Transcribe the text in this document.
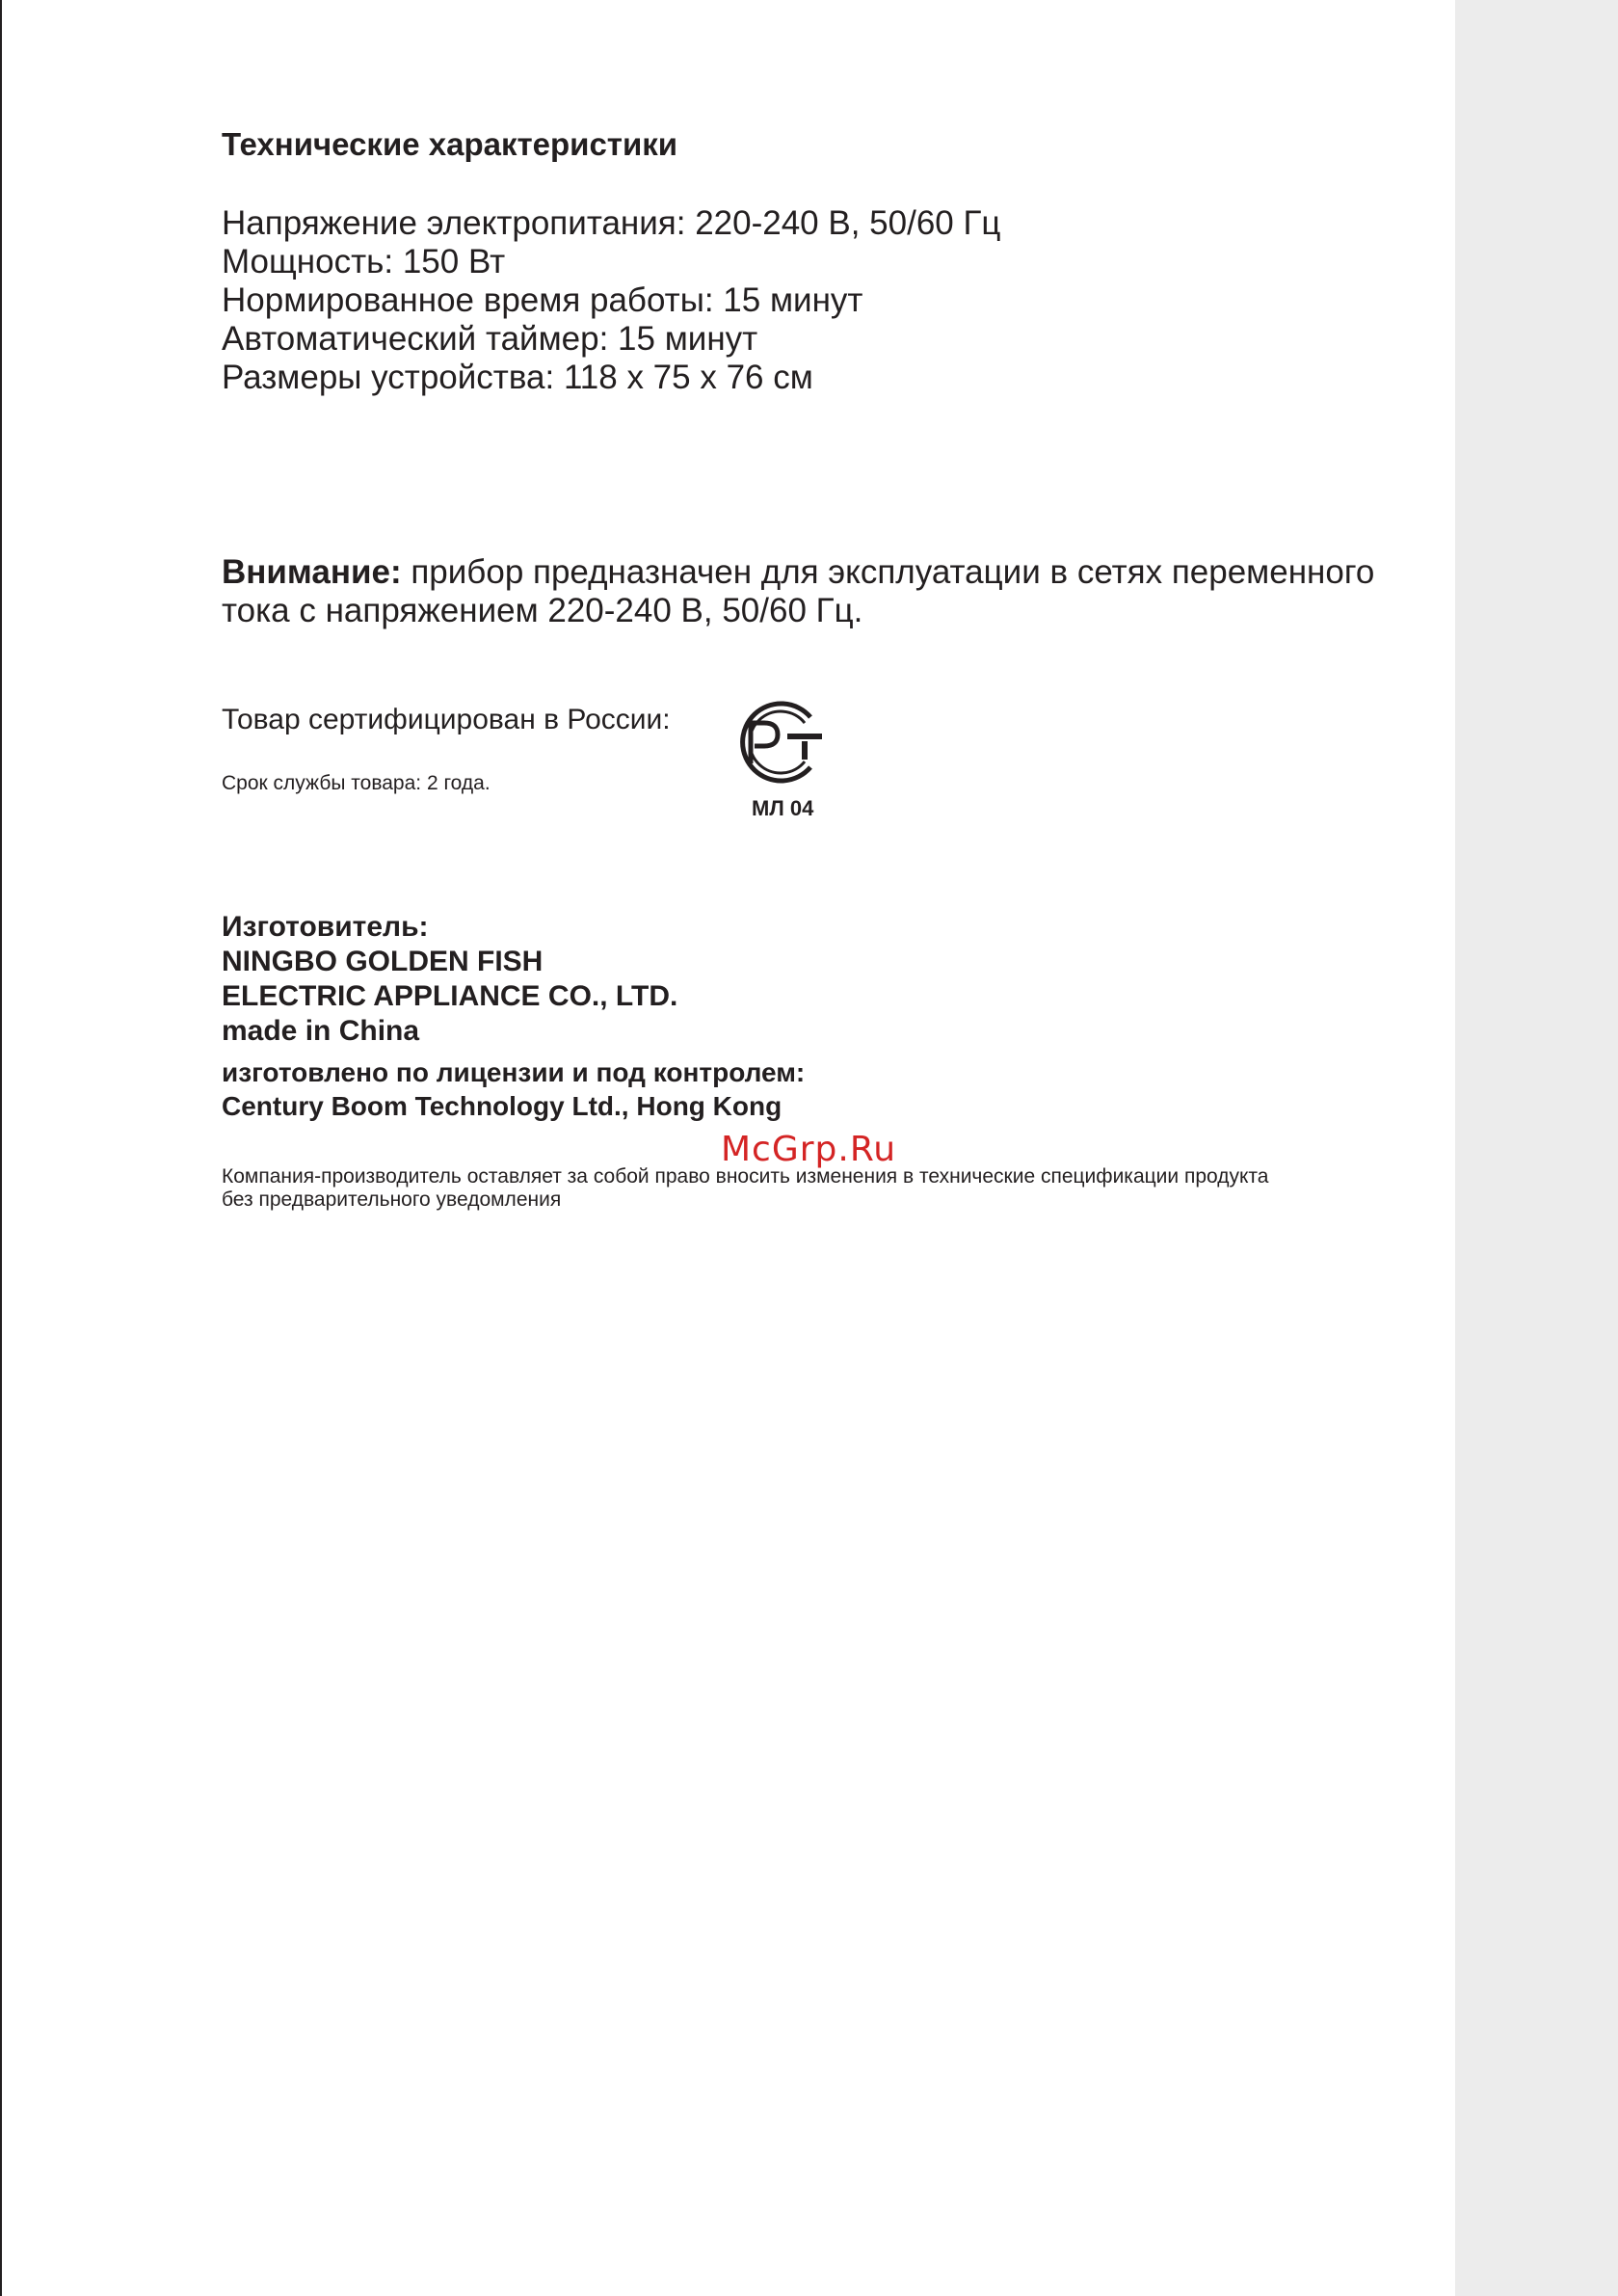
Технические характеристики
Напряжение электропитания: 220-240 В, 50/60 Гц
Мощность: 150 Вт
Нормированное время работы: 15 минут
Автоматический таймер: 15 минут
Размеры устройства: 118 х 75 х 76 см
Внимание: прибор предназначен для эксплуатации в сетях переменного
тока с напряжением 220-240 В, 50/60 Гц.
Товар сертифицирован в России:
Срок службы товара: 2 года.
МЛ 04
Изготовитель:
NINGBO GOLDEN FISH
ELECTRIC APPLIANCE CO., LTD.
made in China
изготовлено по лицензии и под контролем:
Century Boom Technology Ltd., Hong Kong
McGrp.Ru
Компания-производитель оставляет за собой право вносить изменения в технические спецификации продукта
без предварительного уведомления
